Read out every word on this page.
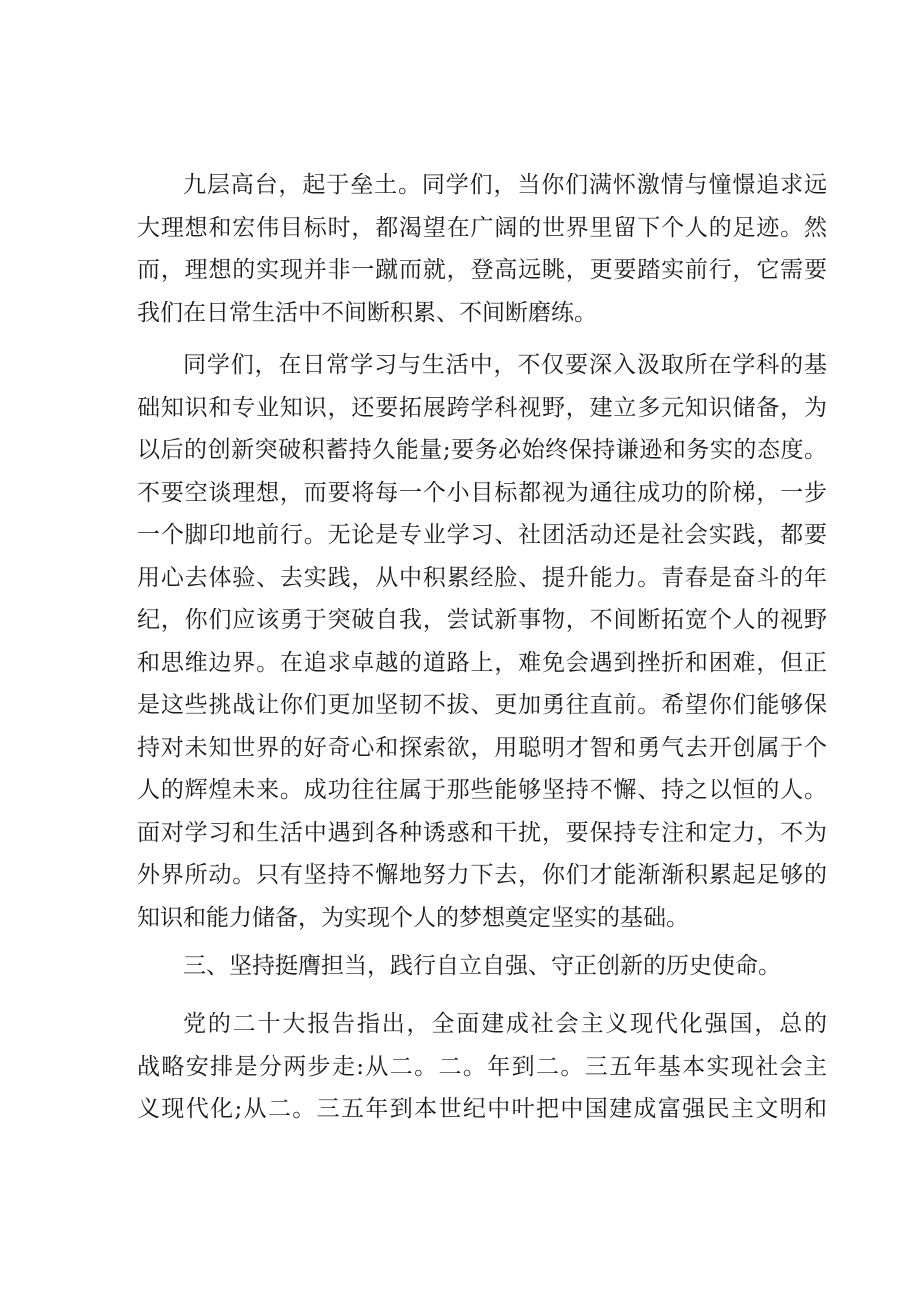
九层高台，起于垒土。同学们，当你们满怀激情与憧憬追求远
大理想和宏伟目标时，都渴望在广阔的世界里留下个人的足迹。然
而，理想的实现并非一蹴而就，登高远眺，更要踏实前行，它需要
我们在日常生活中不间断积累、不间断磨练。
同学们，在日常学习与生活中，不仅要深入汲取所在学科的基
础知识和专业知识，还要拓展跨学科视野，建立多元知识储备，为
以后的创新突破积蓄持久能量;要务必始终保持谦逊和务实的态度。
不要空谈理想，而要将每一个小目标都视为通往成功的阶梯，一步
一个脚印地前行。无论是专业学习、社团活动还是社会实践，都要
用心去体验、去实践，从中积累经脸、提升能力。青春是奋斗的年
纪，你们应该勇于突破自我，尝试新事物，不间断拓宽个人的视野
和思维边界。在追求卓越的道路上，难免会遇到挫折和困难，但正
是这些挑战让你们更加坚韧不拔、更加勇往直前。希望你们能够保
持对未知世界的好奇心和探索欲，用聪明才智和勇气去开创属于个
人的辉煌未来。成功往往属于那些能够坚持不懈、持之以恒的人。
面对学习和生活中遇到各种诱惑和干扰，要保持专注和定力，不为
外界所动。只有坚持不懈地努力下去，你们才能渐渐积累起足够的
知识和能力储备，为实现个人的梦想奠定坚实的基础。
三、坚持挺膺担当，践行自立自强、守正创新的历史使命。
党的二十大报告指出，全面建成社会主义现代化强国，总的
战略安排是分两步走:从二。二。年到二。三五年基本实现社会主
义现代化;从二。三五年到本世纪中叶把中国建成富强民主文明和
